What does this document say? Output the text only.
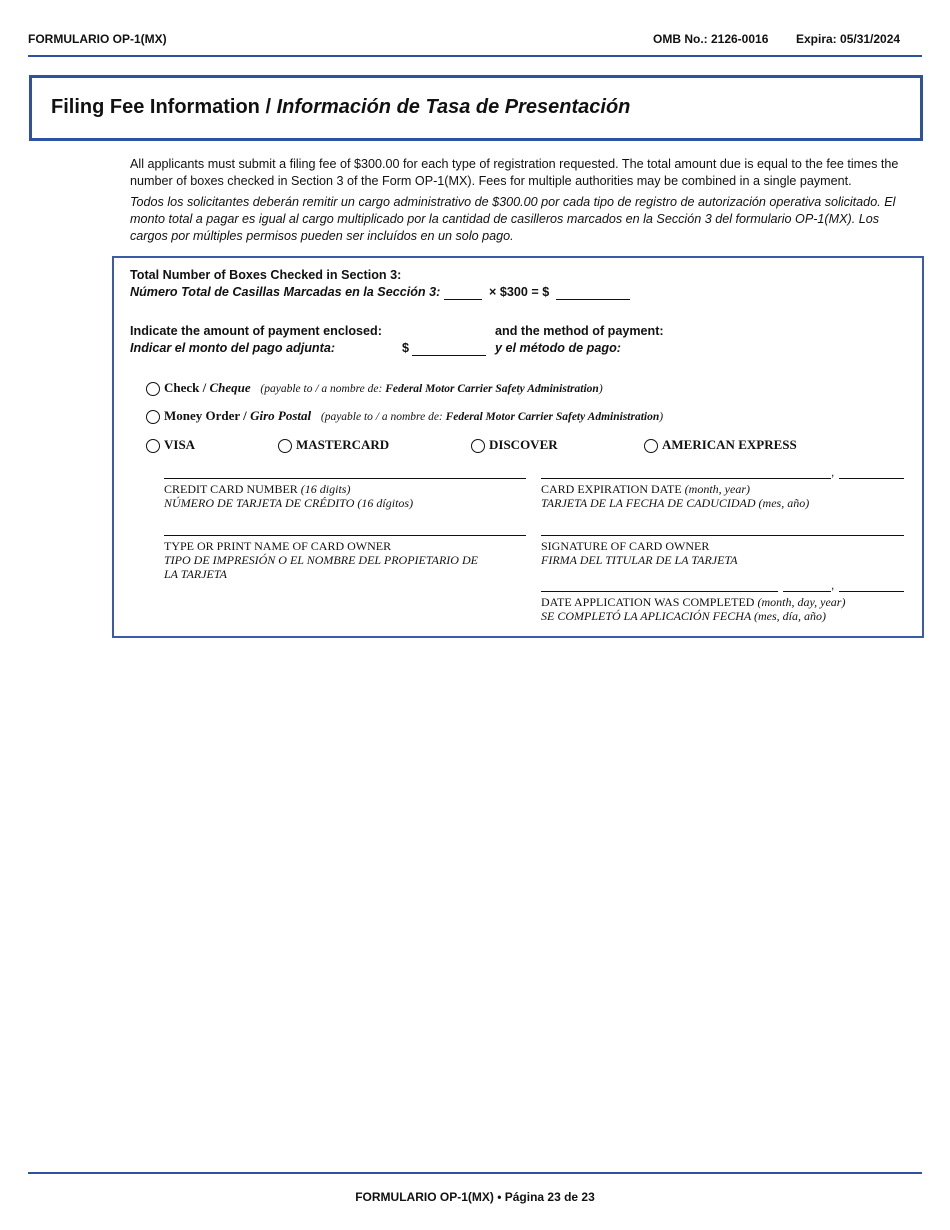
FORMULARIO OP-1(MX)	OMB No.: 2126-0016 Expira: 05/31/2024
Filing Fee Information / Información de Tasa de Presentación
All applicants must submit a filing fee of $300.00 for each type of registration requested. The total amount due is equal to the fee times the number of boxes checked in Section 3 of the Form OP-1(MX). Fees for multiple authorities may be combined in a single payment.
Todos los solicitantes deberán remitir un cargo administrativo de $300.00 por cada tipo de registro de autorización operativa solicitado. El monto total a pagar es igual al cargo multiplicado por la cantidad de casilleros marcados en la Sección 3 del formulario OP-1(MX). Los cargos por múltiples permisos pueden ser incluídos en un solo pago.
Total Number of Boxes Checked in Section 3:
Número Total de Casillas Marcadas en la Sección 3:	× $300 = $
Indicate the amount of payment enclosed:
Indicar el monto del pago adjunta:	$
and the method of payment:
y el método de pago:
Check / Cheque (payable to / a nombre de: Federal Motor Carrier Safety Administration)
Money Order / Giro Postal (payable to / a nombre de: Federal Motor Carrier Safety Administration)
VISA	MASTERCARD	DISCOVER	AMERICAN EXPRESS
CREDIT CARD NUMBER (16 digits)
NÚMERO DE TARJETA DE CRÉDITO (16 dígitos)
,
CARD EXPIRATION DATE (month, year)
TARJETA DE LA FECHA DE CADUCIDAD (mes, año)
TYPE OR PRINT NAME OF CARD OWNER
TIPO DE IMPRESIÓN O EL NOMBRE DEL PROPIETARIO DE LA TARJETA
SIGNATURE OF CARD OWNER
FIRMA DEL TITULAR DE LA TARJETA
,
DATE APPLICATION WAS COMPLETED (month, day, year)
SE COMPLETÓ LA APLICACIÓN FECHA (mes, día, año)
FORMULARIO OP-1(MX) • Página 23 de 23
